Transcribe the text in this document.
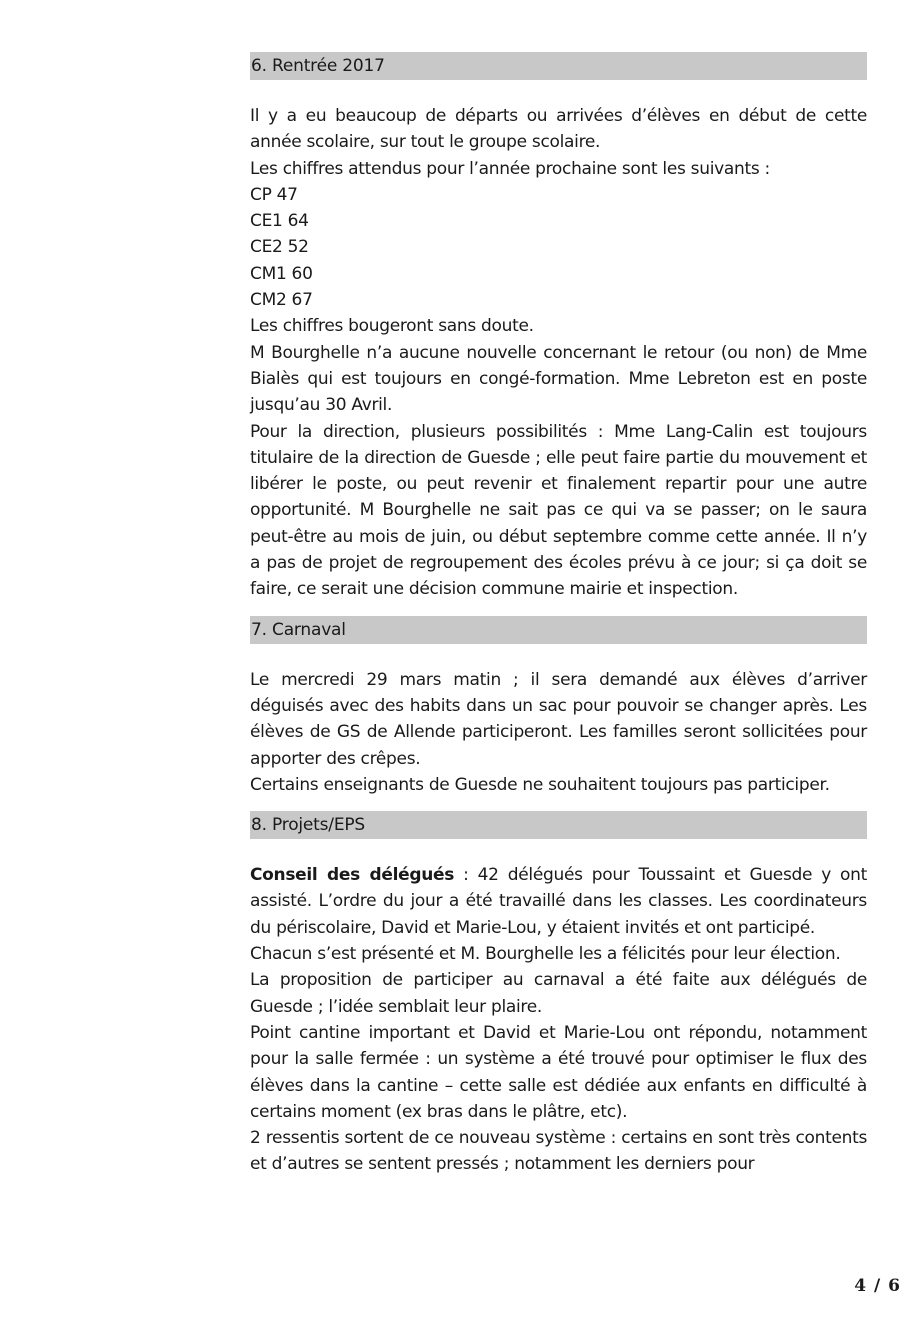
6. Rentrée 2017

Il y a eu beaucoup de départs ou arrivées d’élèves en début de cette année scolaire, sur tout le groupe scolaire.

Les chiffres attendus pour l’année prochaine sont les suivants :

CP 47

CE1 64

CE2 52

CM1 60

CM2 67

Les chiffres bougeront sans doute.

M Bourghelle n’a aucune nouvelle concernant le retour (ou non) de Mme Bialès qui est toujours en congé-formation. Mme Lebreton est en poste jusqu’au 30 Avril.

Pour la direction, plusieurs possibilités : Mme Lang-Calin est toujours titulaire de la direction de Guesde ; elle peut faire partie du mouvement et libérer le poste, ou peut revenir et finalement repartir pour une autre opportunité. M Bourghelle ne sait pas ce qui va se passer; on le saura peut-être au mois de juin, ou début septembre comme cette année. Il n’y a pas de projet de regroupement des écoles prévu à ce jour; si ça doit se faire, ce serait une décision commune mairie et inspection.

7. Carnaval

Le mercredi 29 mars matin ; il sera demandé aux élèves d’arriver déguisés avec des habits dans un sac pour pouvoir se changer après. Les élèves de GS de Allende participeront. Les familles seront sollicitées pour apporter des crêpes.

Certains enseignants de Guesde ne souhaitent toujours pas participer.

8. Projets/EPS

Conseil des délégués : 42 délégués pour Toussaint et Guesde y ont assisté. L’ordre du jour a été travaillé dans les classes. Les coordinateurs du périscolaire, David et Marie-Lou, y étaient invités et ont participé.

Chacun s’est présenté et M. Bourghelle les a félicités pour leur élection.

La proposition de participer au carnaval a été faite aux délégués de Guesde ; l’idée semblait leur plaire.

Point cantine important et David et Marie-Lou ont répondu, notamment pour la salle fermée : un système a été trouvé pour optimiser le flux des élèves dans la cantine – cette salle est dédiée aux enfants en difficulté à certains moment (ex bras dans le plâtre, etc).

2 ressentis sortent de ce nouveau système : certains en sont très contents et d’autres se sentent pressés ; notamment les derniers pour

4 / 6
